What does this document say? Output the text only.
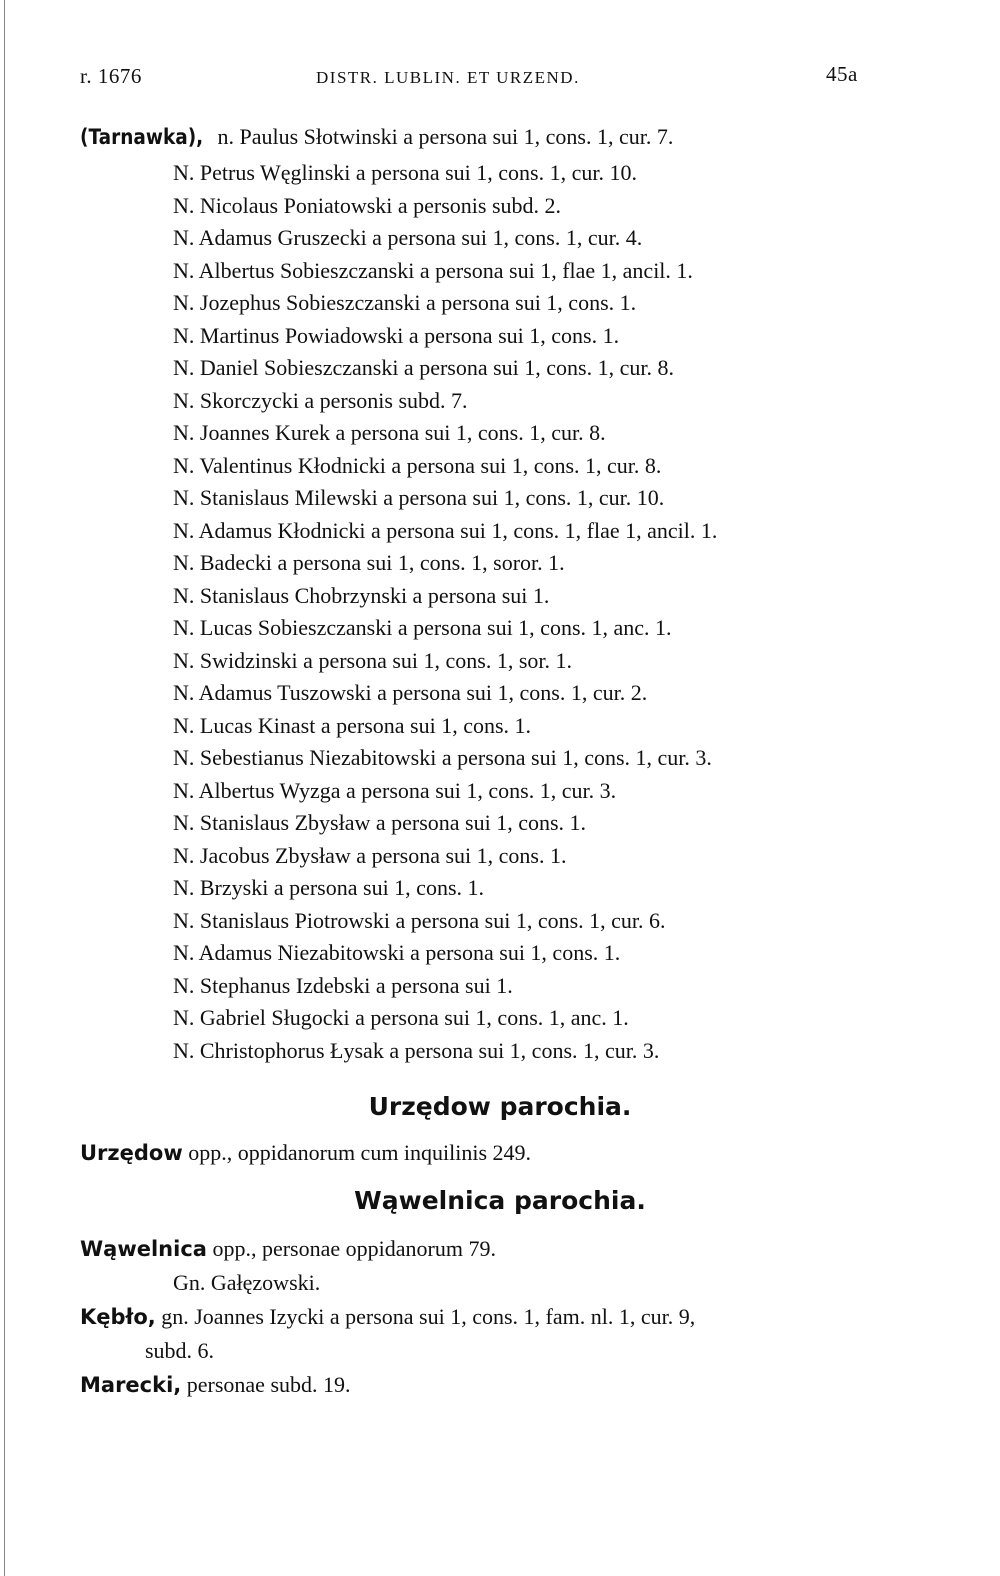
r. 1676	DISTR. LUBLIN. ET URZEND.	45a
(Tarnawka), n. Paulus Słotwinski a persona sui 1, cons. 1, cur. 7.
N. Petrus Węglinski a persona sui 1, cons. 1, cur. 10.
N. Nicolaus Poniatowski a personis subd. 2.
N. Adamus Gruszecki a persona sui 1, cons. 1, cur. 4.
N. Albertus Sobieszczanski a persona sui 1, flae 1, ancil. 1.
N. Jozephus Sobieszczanski a persona sui 1, cons. 1.
N. Martinus Powiadowski a persona sui 1, cons. 1.
N. Daniel Sobieszczanski a persona sui 1, cons. 1, cur. 8.
N. Skorczycki a personis subd. 7.
N. Joannes Kurek a persona sui 1, cons. 1, cur. 8.
N. Valentinus Kłodnicki a persona sui 1, cons. 1, cur. 8.
N. Stanislaus Milewski a persona sui 1, cons. 1, cur. 10.
N. Adamus Kłodnicki a persona sui 1, cons. 1, flae 1, ancil. 1.
N. Badecki a persona sui 1, cons. 1, soror. 1.
N. Stanislaus Chobrzynski a persona sui 1.
N. Lucas Sobieszczanski a persona sui 1, cons. 1, anc. 1.
N. Swidzinski a persona sui 1, cons. 1, sor. 1.
N. Adamus Tuszowski a persona sui 1, cons. 1, cur. 2.
N. Lucas Kinast a persona sui 1, cons. 1.
N. Sebestianus Niezabitowski a persona sui 1, cons. 1, cur. 3.
N. Albertus Wyzga a persona sui 1, cons. 1, cur. 3.
N. Stanislaus Zbysław a persona sui 1, cons. 1.
N. Jacobus Zbysław a persona sui 1, cons. 1.
N. Brzyski a persona sui 1, cons. 1.
N. Stanislaus Piotrowski a persona sui 1, cons. 1, cur. 6.
N. Adamus Niezabitowski a persona sui 1, cons. 1.
N. Stephanus Izdebski a persona sui 1.
N. Gabriel Sługocki a persona sui 1, cons. 1, anc. 1.
N. Christophorus Łysak a persona sui 1, cons. 1, cur. 3.
Urzędow parochia.
Urzędow opp., oppidanorum cum inquilinis 249.
Wąwelnica parochia.
Wąwelnica opp., personae oppidanorum 79.
Gn. Gałęzowski.
Kębło, gn. Joannes Izycki a persona sui 1, cons. 1, fam. nl. 1, cur. 9,
subd. 6.
Marecki, personae subd. 19.
